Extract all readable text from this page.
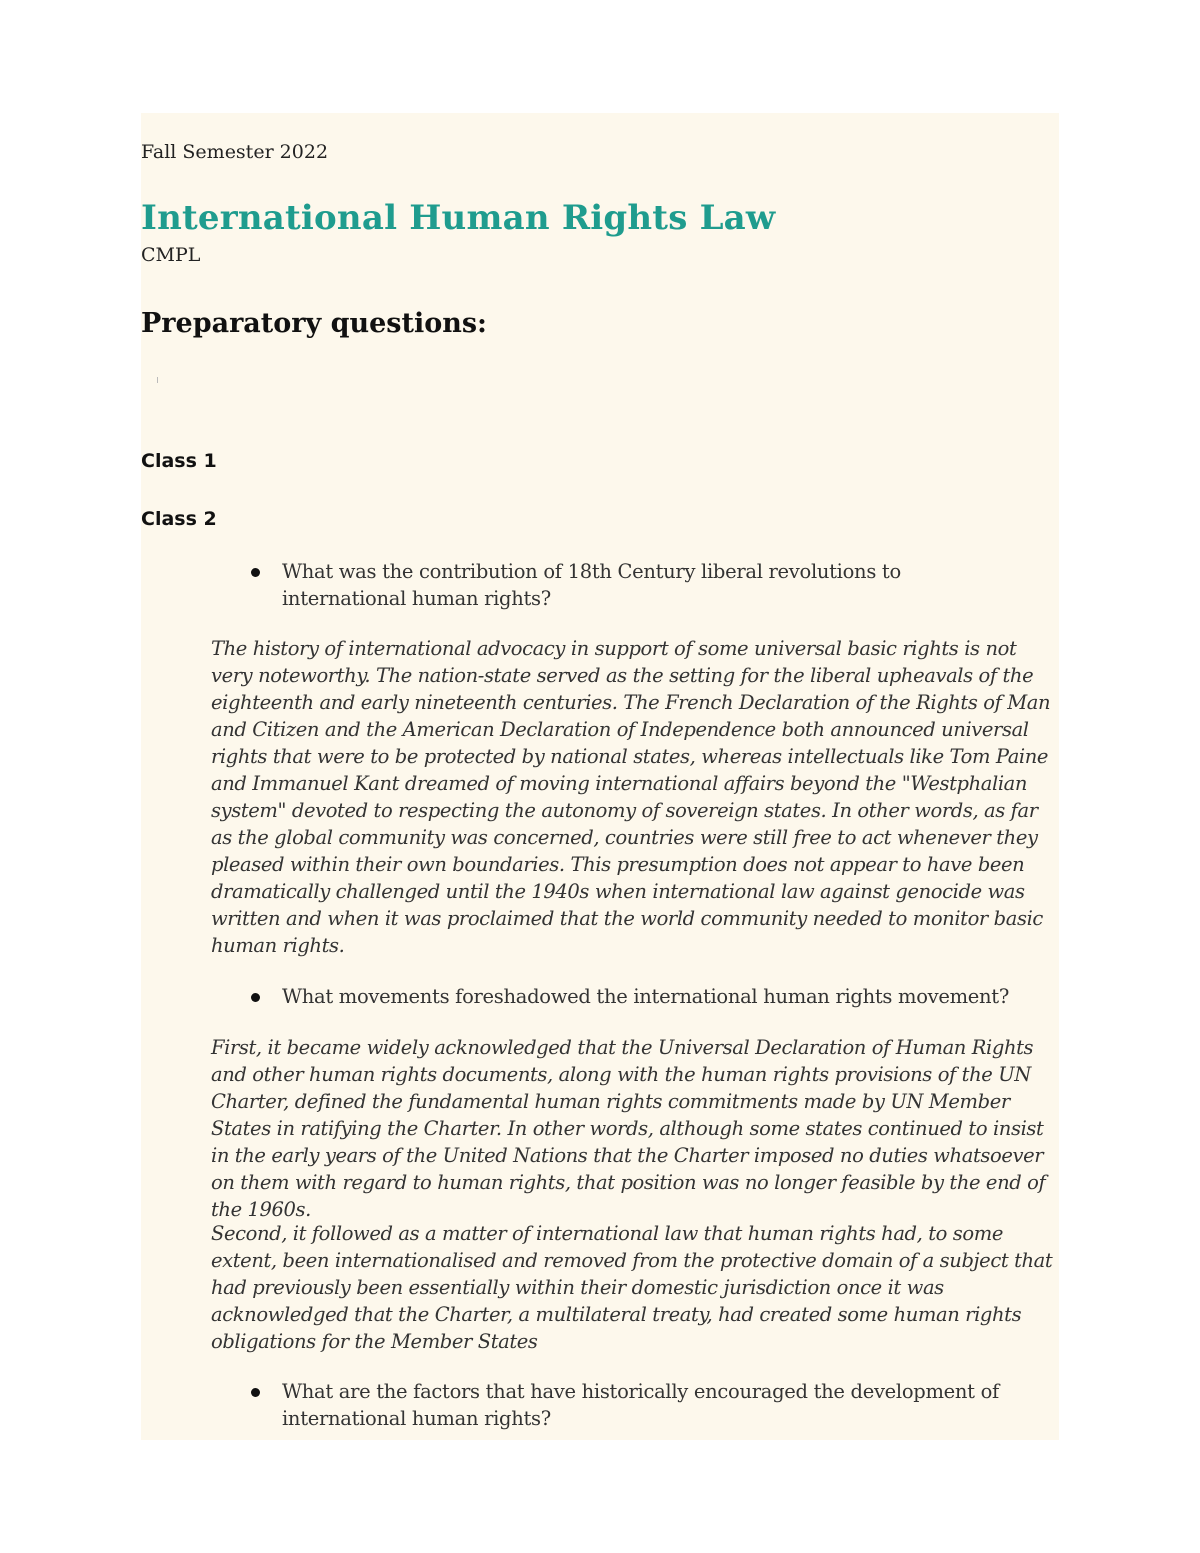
Fall Semester 2022
International Human Rights Law
CMPL
Preparatory questions:
Class 1
Class 2
What was the contribution of 18th Century liberal revolutions to international human rights?
The history of international advocacy in support of some universal basic rights is not very noteworthy. The nation-state served as the setting for the liberal upheavals of the eighteenth and early nineteenth centuries. The French Declaration of the Rights of Man and Citizen and the American Declaration of Independence both announced universal rights that were to be protected by national states, whereas intellectuals like Tom Paine and Immanuel Kant dreamed of moving international affairs beyond the "Westphalian system" devoted to respecting the autonomy of sovereign states. In other words, as far as the global community was concerned, countries were still free to act whenever they pleased within their own boundaries. This presumption does not appear to have been dramatically challenged until the 1940s when international law against genocide was written and when it was proclaimed that the world community needed to monitor basic human rights.
What movements foreshadowed the international human rights movement?
First, it became widely acknowledged that the Universal Declaration of Human Rights and other human rights documents, along with the human rights provisions of the UN Charter, defined the fundamental human rights commitments made by UN Member States in ratifying the Charter. In other words, although some states continued to insist in the early years of the United Nations that the Charter imposed no duties whatsoever on them with regard to human rights, that position was no longer feasible by the end of the 1960s.
Second, it followed as a matter of international law that human rights had, to some extent, been internationalised and removed from the protective domain of a subject that had previously been essentially within their domestic jurisdiction once it was acknowledged that the Charter, a multilateral treaty, had created some human rights obligations for the Member States
What are the factors that have historically encouraged the development of international human rights?
